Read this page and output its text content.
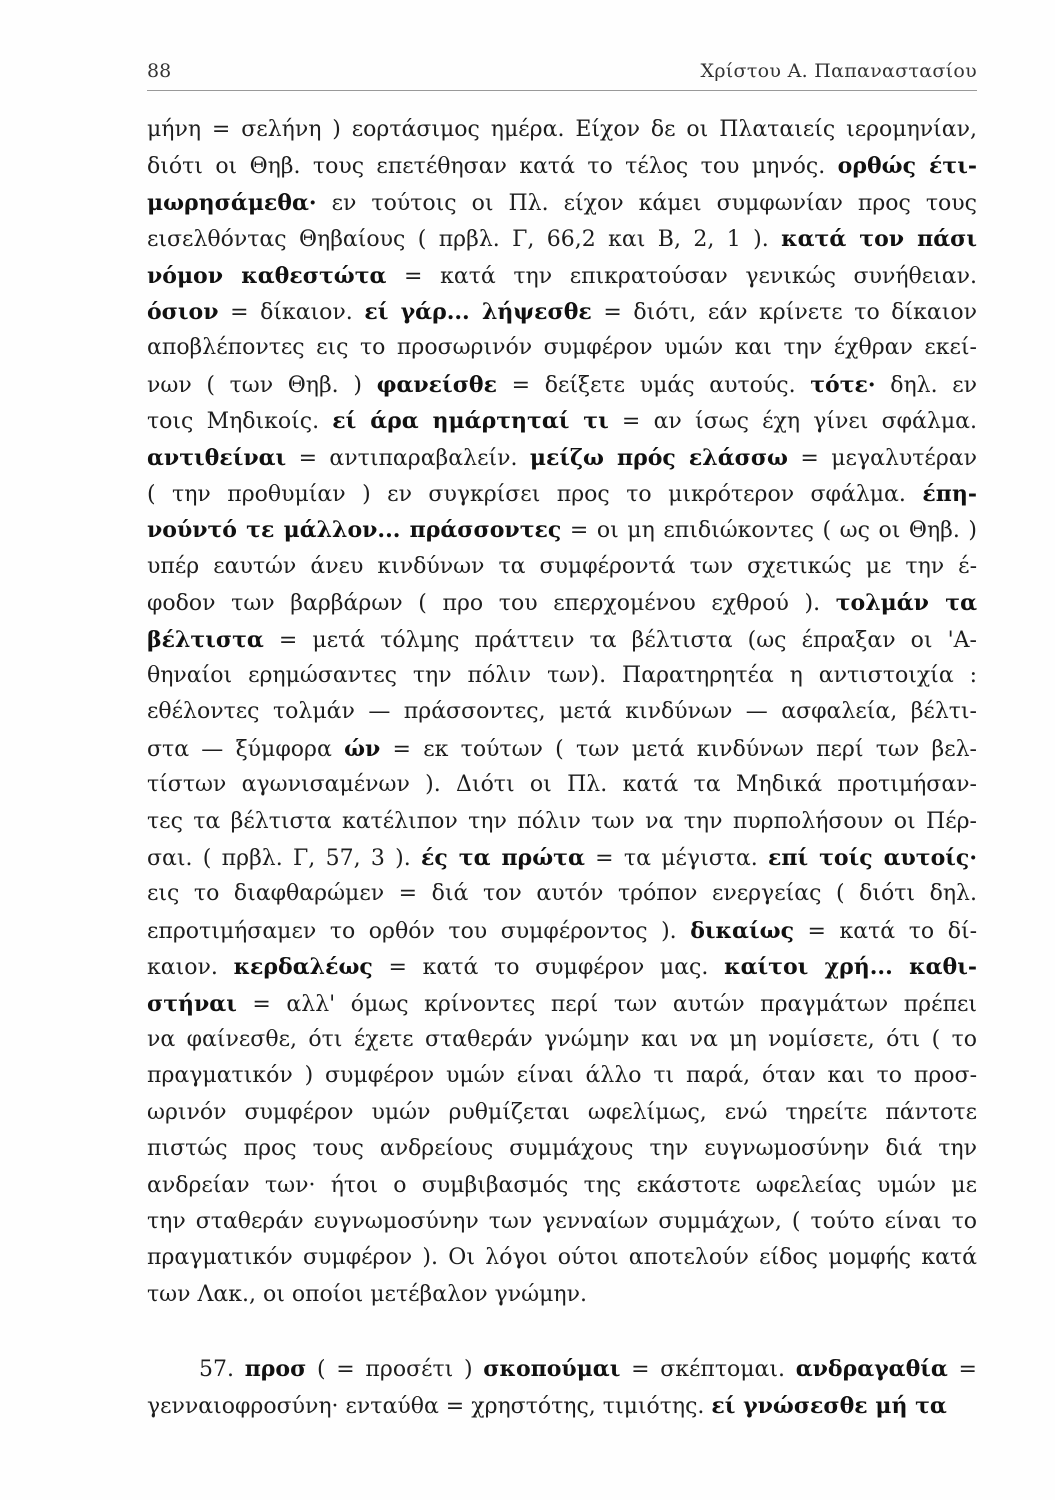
88	Χρίστου Α. Παπαναστασίου
μήνη = σελήνη ) εορτάσιμος ημέρα. Είχον δε οι Πλαταιείς ιερομηνίαν,
διότι οι Θηβ. τους επετέθησαν κατά το τέλος του μηνός. ορθώς έτι-
μωρησάμεθα· εν τούτοις οι Πλ. είχον κάμει συμφωνίαν προς τους
εισελθόντας Θηβαίους ( πρβλ. Γ, 66,2 και Β, 2, 1 ). κατά τον πάσι
νόμον καθεστώτα = κατά την επικρατούσαν γενικώς συνήθειαν.
όσιον = δίκαιον. εί γάρ... λήψεσθε = διότι, εάν κρίνετε το δίκαιον
αποβλέποντες εις το προσωρινόν συμφέρον υμών και την έχθραν εκεί-
νων ( των Θηβ. ) φανείσθε = δείξετε υμάς αυτούς. τότε· δηλ. εν
τοις Μηδικοίς. εί άρα ημάρτηταί τι = αν ίσως έχη γίνει σφάλμα.
αντιθείναι = αντιπαραβαλείν. μείζω πρός ελάσσω = μεγαλυτέραν
( την προθυμίαν ) εν συγκρίσει προς το μικρότερον σφάλμα. έπη-
νούντό τε μάλλον... πράσσοντες = οι μη επιδιώκοντες ( ως οι Θηβ. )
υπέρ εαυτών άνευ κινδύνων τα συμφέροντά των σχετικώς με την έ-
φοδον των βαρβάρων ( προ του επερχομένου εχθρού ). τολμάν τα
βέλτιστα = μετά τόλμης πράττειν τα βέλτιστα (ως έπραξαν οι 'Α-
θηναίοι ερημώσαντες την πόλιν των). Παρατηρητέα η αντιστοιχία :
εθέλοντες τολμάν — πράσσοντες, μετά κινδύνων — ασφαλεία, βέλτι-
στα — ξύμφορα ών = εκ τούτων ( των μετά κινδύνων περί των βελ-
τίστων αγωνισαμένων ). Διότι οι Πλ. κατά τα Μηδικά προτιμήσαν-
τες τα βέλτιστα κατέλιπον την πόλιν των να την πυρπολήσουν οι Πέρ-
σαι. ( πρβλ. Γ, 57, 3 ). ές τα πρώτα = τα μέγιστα. επί τοίς αυτοίς·
εις το διαφθαρώμεν = διά τον αυτόν τρόπον ενεργείας ( διότι δηλ.
επροτιμήσαμεν το ορθόν του συμφέροντος ). δικαίως = κατά το δί-
καιον. κερδαλέως = κατά το συμφέρον μας. καίτοι χρή... καθι-
στήναι = αλλ' όμως κρίνοντες περί των αυτών πραγμάτων πρέπει
να φαίνεσθε, ότι έχετε σταθεράν γνώμην και να μη νομίσετε, ότι ( το
πραγματικόν ) συμφέρον υμών είναι άλλο τι παρά, όταν και το προσ-
ωρινόν συμφέρον υμών ρυθμίζεται ωφελίμως, ενώ τηρείτε πάντοτε
πιστώς προς τους ανδρείους συμμάχους την ευγνωμοσύνην διά την
ανδρείαν των· ήτοι ο συμβιβασμός της εκάστοτε ωφελείας υμών με
την σταθεράν ευγνωμοσύνην των γενναίων συμμάχων, ( τούτο είναι το
πραγματικόν συμφέρον ). Οι λόγοι ούτοι αποτελούν είδος μομφής κατά
των Λακ., οι οποίοι μετέβαλον γνώμην.
57. προσ ( = προσέτι ) σκοπούμαι = σκέπτομαι. ανδραγαθία =
γενναιοφροσύνη· ενταύθα = χρηστότης, τιμιότης. εί γνώσεσθε μή τα
